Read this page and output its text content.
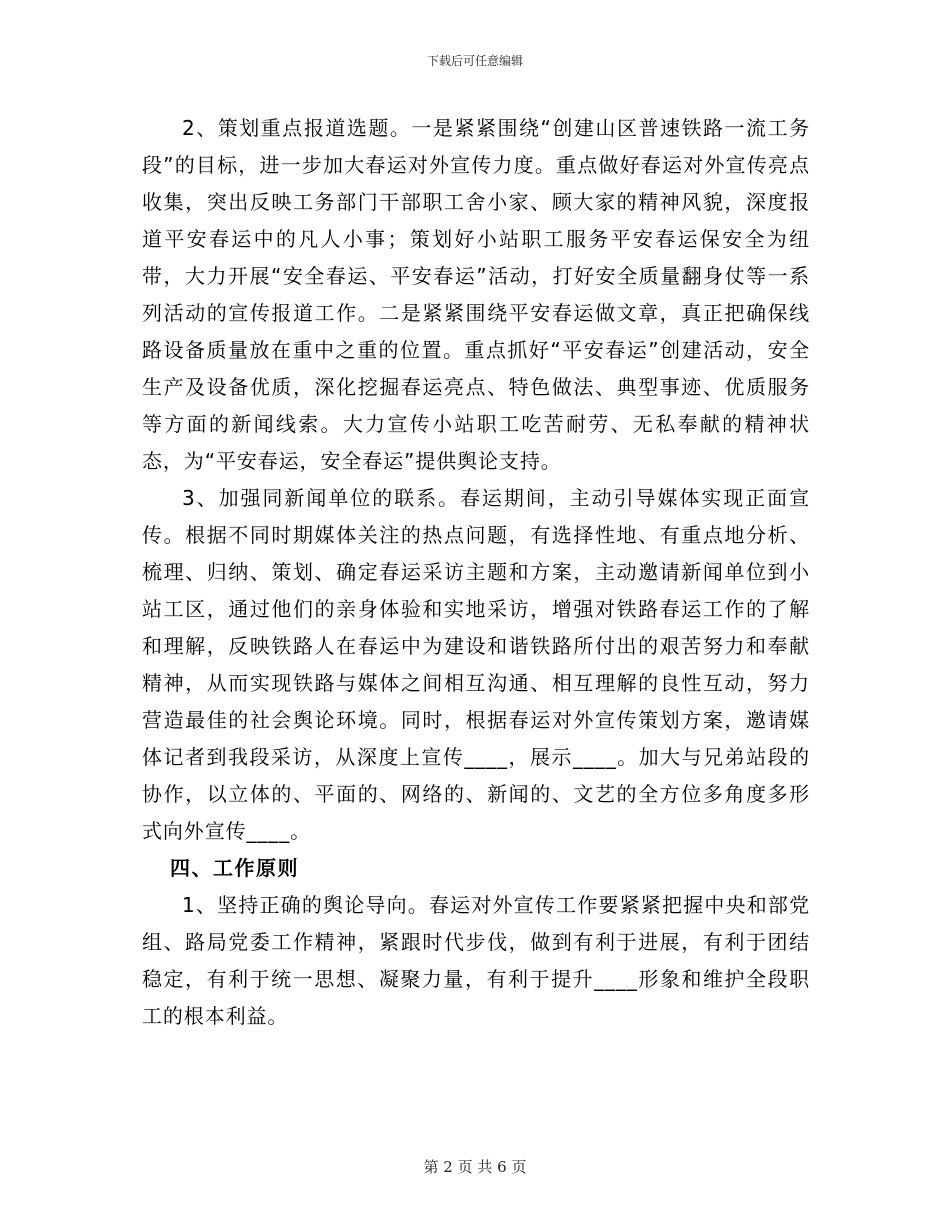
下载后可任意编辑

2、策划重点报道选题。一是紧紧围绕“创建山区普速铁路一流工务段”的目标，进一步加大春运对外宣传力度。重点做好春运对外宣传亮点收集，突出反映工务部门干部职工舍小家、顾大家的精神风貌，深度报道平安春运中的凡人小事；策划好小站职工服务平安春运保安全为纽带，大力开展“安全春运、平安春运”活动，打好安全质量翻身仗等一系列活动的宣传报道工作。二是紧紧围绕平安春运做文章，真正把确保线路设备质量放在重中之重的位置。重点抓好“平安春运”创建活动，安全生产及设备优质，深化挖掘春运亮点、特色做法、典型事迹、优质服务等方面的新闻线索。大力宣传小站职工吃苦耐劳、无私奉献的精神状态，为“平安春运，安全春运”提供舆论支持。

3、加强同新闻单位的联系。春运期间，主动引导媒体实现正面宣传。根据不同时期媒体关注的热点问题，有选择性地、有重点地分析、梳理、归纳、策划、确定春运采访主题和方案，主动邀请新闻单位到小站工区，通过他们的亲身体验和实地采访，增强对铁路春运工作的了解和理解，反映铁路人在春运中为建设和谐铁路所付出的艰苦努力和奉献精神，从而实现铁路与媒体之间相互沟通、相互理解的良性互动，努力营造最佳的社会舆论环境。同时，根据春运对外宣传策划方案，邀请媒体记者到我段采访，从深度上宣传____，展示____。加大与兄弟站段的协作，以立体的、平面的、网络的、新闻的、文艺的全方位多角度多形式向外宣传____。

四、工作原则

1、坚持正确的舆论导向。春运对外宣传工作要紧紧把握中央和部党组、路局党委工作精神，紧跟时代步伐，做到有利于进展，有利于团结稳定，有利于统一思想、凝聚力量，有利于提升____形象和维护全段职工的根本利益。

第 2 页 共 6 页
